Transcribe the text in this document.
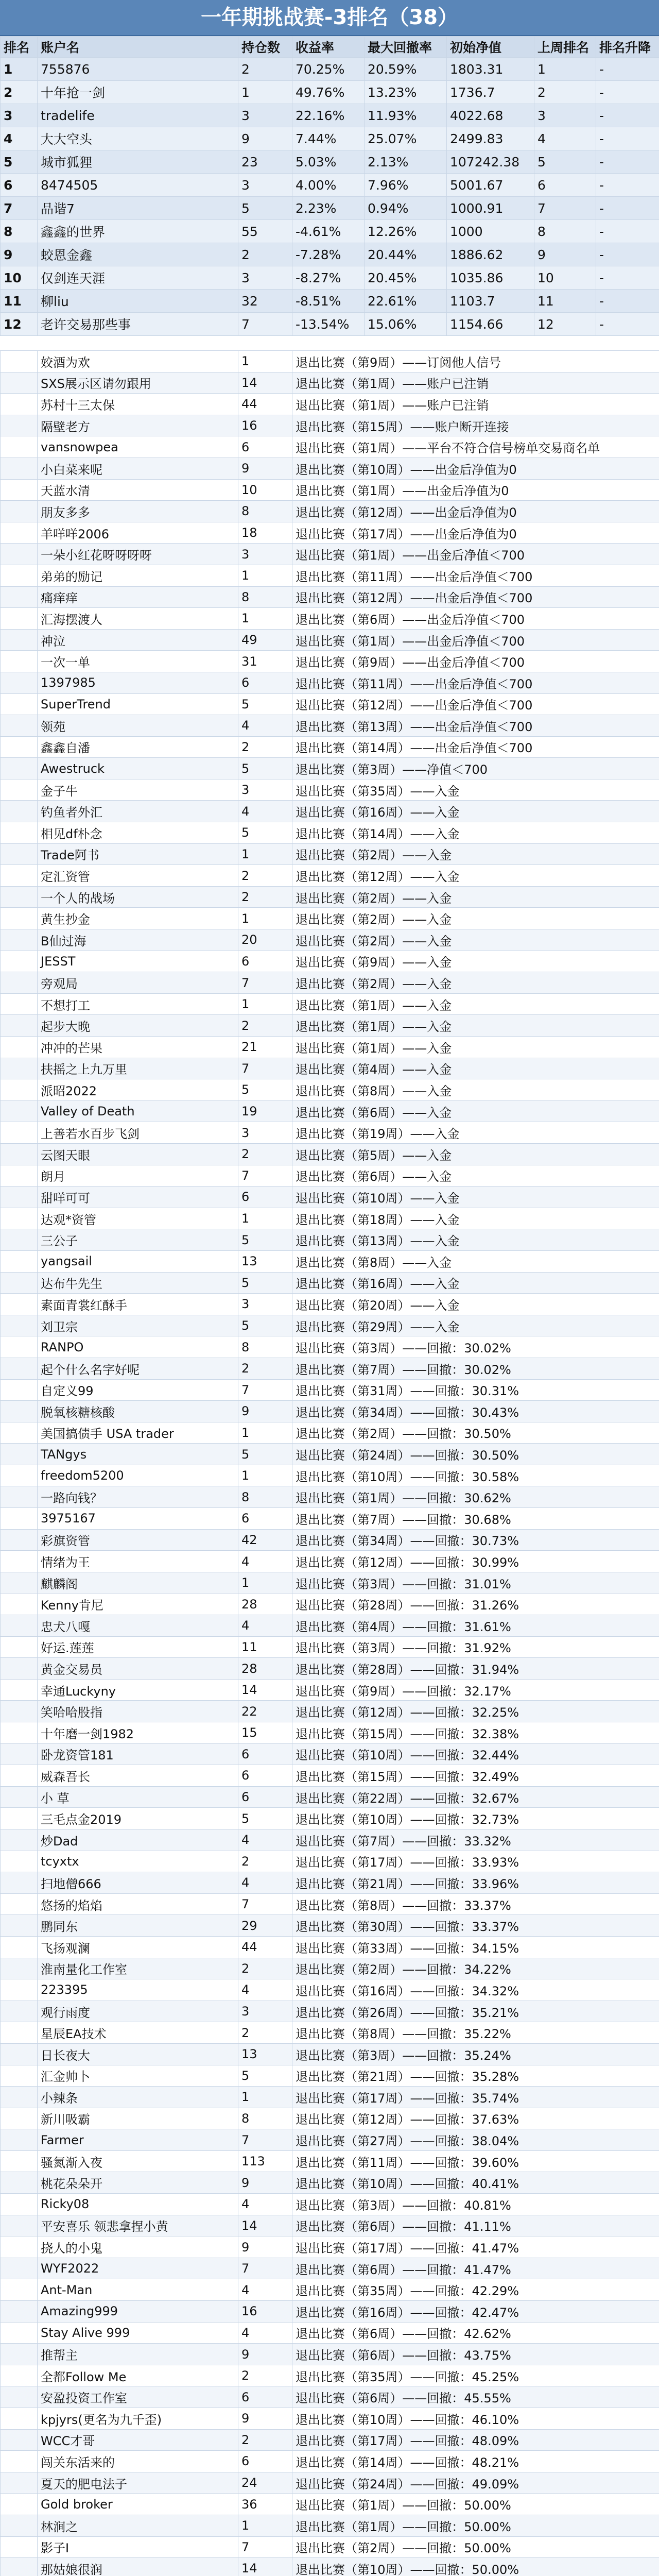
一年期挑战赛-3排名（38）
排名	账户名	持仓数	收益率	最大回撤率	初始净值	上周排名	排名升降
1	755876	2	70.25%	20.59%	1803.31	1	-
2	十年抢一剑	1	49.76%	13.23%	1736.7	2	-
3	tradelife	3	22.16%	11.93%	4022.68	3	-
4	大大空头	9	7.44%	25.07%	2499.83	4	-
5	城市狐狸	23	5.03%	2.13%	107242.38	5	-
6	8474505	3	4.00%	7.96%	5001.67	6	-
7	品谐7	5	2.23%	0.94%	1000.91	7	-
8	鑫鑫的世界	55	-4.61%	12.26%	1000	8	-
9	蛟恩金鑫	2	-7.28%	20.44%	1886.62	9	-
10	仅剑连天涯	3	-8.27%	20.45%	1035.86	10	-
11	柳liu	32	-8.51%	22.61%	1103.7	11	-
12	老许交易那些事	7	-13.54%	15.06%	1154.66	12	-
	姣酒为欢	1	退出比赛（第9周）——订阅他人信号
	SXS展示区请勿跟用	14	退出比赛（第1周）——账户已注销
	苏村十三太保	44	退出比赛（第1周）——账户已注销
	隔壁老方	16	退出比赛（第15周）——账户断开连接
	vansnowpea	6	退出比赛（第1周）——平台不符合信号榜单交易商名单
	小白菜来呢	9	退出比赛（第10周）——出金后净值为0
	天蓝水清	10	退出比赛（第1周）——出金后净值为0
	朋友多多	8	退出比赛（第12周）——出金后净值为0
	羊咩咩2006	18	退出比赛（第17周）——出金后净值为0
	一朵小红花呀呀呀呀	3	退出比赛（第1周）——出金后净值＜700
	弟弟的励记	1	退出比赛（第11周）——出金后净值＜700
	痛痒痒	8	退出比赛（第12周）——出金后净值＜700
	汇海摆渡人	1	退出比赛（第6周）——出金后净值＜700
	神泣	49	退出比赛（第1周）——出金后净值＜700
	一次一单	31	退出比赛（第9周）——出金后净值＜700
	1397985	6	退出比赛（第11周）——出金后净值＜700
	SuperTrend	5	退出比赛（第12周）——出金后净值＜700
	领苑	4	退出比赛（第13周）——出金后净值＜700
	鑫鑫自潘	2	退出比赛（第14周）——出金后净值＜700
	Awestruck	5	退出比赛（第3周）——净值＜700
	金子牛	3	退出比赛（第35周）——入金
	钓鱼者外汇	4	退出比赛（第16周）——入金
	相见df朴念	5	退出比赛（第14周）——入金
	Trade阿书	1	退出比赛（第2周）——入金
	定汇资管	2	退出比赛（第12周）——入金
	一个人的战场	2	退出比赛（第2周）——入金
	黄生抄金	1	退出比赛（第2周）——入金
	B仙过海	20	退出比赛（第2周）——入金
	JESST	6	退出比赛（第9周）——入金
	旁观局	7	退出比赛（第2周）——入金
	不想打工	1	退出比赛（第1周）——入金
	起步大晚	2	退出比赛（第1周）——入金
	冲冲的芒果	21	退出比赛（第1周）——入金
	扶摇之上九万里	7	退出比赛（第4周）——入金
	派昭2022	5	退出比赛（第8周）——入金
	Valley of Death	19	退出比赛（第6周）——入金
	上善若水百步飞剑	3	退出比赛（第19周）——入金
	云图天眼	2	退出比赛（第5周）——入金
	朗月	7	退出比赛（第6周）——入金
	甜咩可可	6	退出比赛（第10周）——入金
	达观*资管	1	退出比赛（第18周）——入金
	三公子	5	退出比赛（第13周）——入金
	yangsail	13	退出比赛（第8周）——入金
	达布牛先生	5	退出比赛（第16周）——入金
	素面青裳红酥手	3	退出比赛（第20周）——入金
	刘卫宗	5	退出比赛（第29周）——入金
	RANPO	8	退出比赛（第3周）——回撤：30.02%
	起个什么名字好呢	2	退出比赛（第7周）——回撤：30.02%
	自定义99	7	退出比赛（第31周）——回撤：30.31%
	脱氧核糖核酸	9	退出比赛（第34周）——回撤：30.43%
	美国搞债手 USA trader	1	退出比赛（第2周）——回撤：30.50%
	TANgys	5	退出比赛（第24周）——回撤：30.50%
	freedom5200	1	退出比赛（第10周）——回撤：30.58%
	一路向钱？	8	退出比赛（第1周）——回撤：30.62%
	3975167	6	退出比赛（第7周）——回撤：30.68%
	彩旗资管	42	退出比赛（第34周）——回撤：30.73%
	情绪为王	4	退出比赛（第12周）——回撤：30.99%
	麒麟阁	1	退出比赛（第3周）——回撤：31.01%
	Kenny肯尼	28	退出比赛（第28周）——回撤：31.26%
	忠犬八嘎	4	退出比赛（第4周）——回撤：31.61%
	好运.莲莲	11	退出比赛（第3周）——回撤：31.92%
	黄金交易员	28	退出比赛（第28周）——回撤：31.94%
	幸通Luckyny	14	退出比赛（第9周）——回撤：32.17%
	笑哈哈股指	22	退出比赛（第12周）——回撤：32.25%
	十年磨一剑1982	15	退出比赛（第15周）——回撤：32.38%
	卧龙资管181	6	退出比赛（第10周）——回撤：32.44%
	威森吾长	6	退出比赛（第15周）——回撤：32.49%
	小 草	6	退出比赛（第22周）——回撤：32.67%
	三毛点金2019	5	退出比赛（第10周）——回撤：32.73%
	炒Dad	4	退出比赛（第7周）——回撤：33.32%
	tcyxtx	2	退出比赛（第17周）——回撤：33.93%
	扫地僧666	4	退出比赛（第21周）——回撤：33.96%
	悠扬的焰焰	7	退出比赛（第8周）——回撤：33.37%
	鹏同东	29	退出比赛（第30周）——回撤：33.37%
	飞扬观澜	44	退出比赛（第33周）——回撤：34.15%
	淮南量化工作室	2	退出比赛（第2周）——回撤：34.22%
	223395	4	退出比赛（第16周）——回撤：34.32%
	观行雨度	3	退出比赛（第26周）——回撤：35.21%
	星辰EA技术	2	退出比赛（第8周）——回撤：35.22%
	日长夜大	13	退出比赛（第3周）——回撤：35.24%
	汇金帅卜	5	退出比赛（第21周）——回撤：35.28%
	小辣条	1	退出比赛（第17周）——回撤：35.74%
	新川吸霸	8	退出比赛（第12周）——回撤：37.63%
	Farmer	7	退出比赛（第27周）——回撤：38.04%
	骚氮渐入夜	113	退出比赛（第11周）——回撤：39.60%
	桃花朵朵开	9	退出比赛（第10周）——回撤：40.41%
	Ricky08	4	退出比赛（第3周）——回撤：40.81%
	平安喜乐 领悲拿捏小黄	14	退出比赛（第6周）——回撤：41.11%
	挠人的小鬼	9	退出比赛（第17周）——回撤：41.47%
	WYF2022	7	退出比赛（第6周）——回撤：41.47%
	Ant-Man	4	退出比赛（第35周）——回撤：42.29%
	Amazing999	16	退出比赛（第16周）——回撤：42.47%
	Stay Alive 999	4	退出比赛（第6周）——回撤：42.62%
	推帮主	9	退出比赛（第6周）——回撤：43.75%
	全都Follow Me	2	退出比赛（第35周）——回撤：45.25%
	安盈投资工作室	6	退出比赛（第6周）——回撤：45.55%
	kpjyrs(更名为九千歪)	9	退出比赛（第10周）——回撤：46.10%
	WCC才哥	2	退出比赛（第17周）——回撤：48.09%
	闯关东活来的	6	退出比赛（第14周）——回撤：48.21%
	夏天的肥电法子	24	退出比赛（第24周）——回撤：49.09%
	Gold broker	36	退出比赛（第1周）——回撤：50.00%
	林涧之	1	退出比赛（第1周）——回撤：50.00%
	影子I	7	退出比赛（第2周）——回撤：50.00%
	那姑娘很润	14	退出比赛（第10周）——回撤：50.00%
